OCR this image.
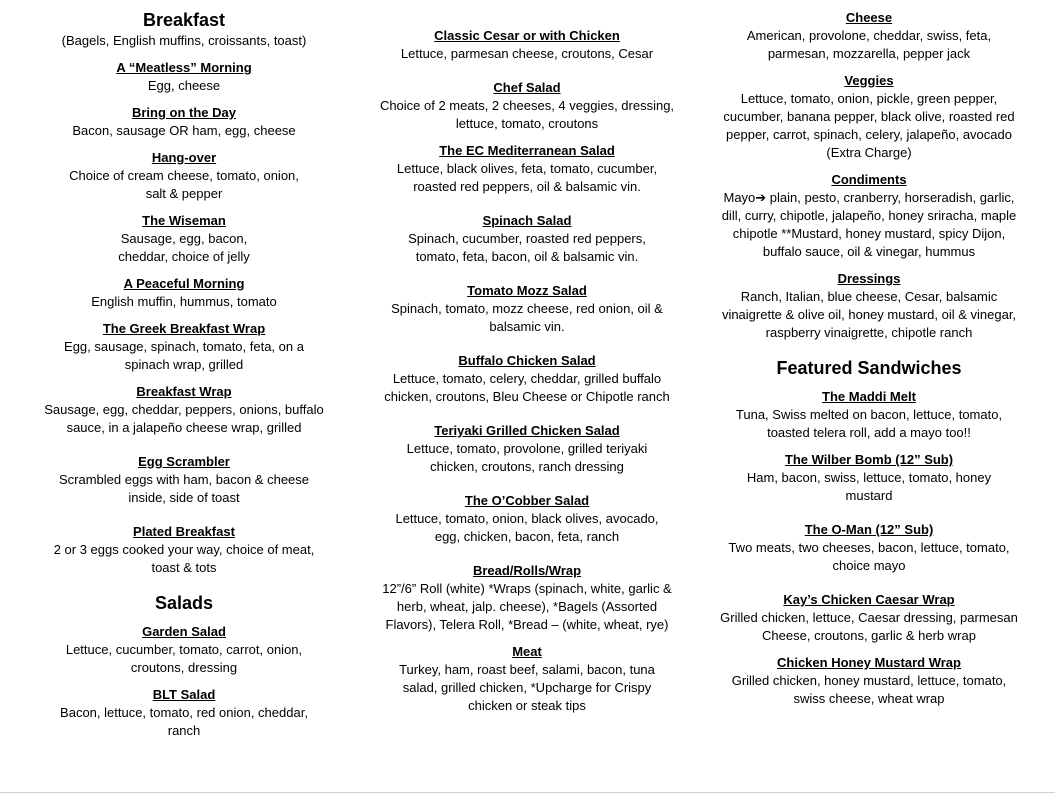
Breakfast
(Bagels, English muffins, croissants, toast)
A “Meatless” Morning
Egg, cheese
Bring on the Day
Bacon, sausage OR ham, egg, cheese
Hang-over
Choice of cream cheese, tomato, onion, salt & pepper
The Wiseman
Sausage, egg, bacon, cheddar, choice of jelly
A Peaceful Morning
English muffin, hummus, tomato
The Greek Breakfast Wrap
Egg, sausage, spinach, tomato, feta, on a spinach wrap, grilled
Breakfast Wrap
Sausage, egg, cheddar, peppers, onions, buffalo sauce, in a jalapeño cheese wrap, grilled
Egg Scrambler
Scrambled eggs with ham, bacon & cheese inside, side of toast
Plated Breakfast
2 or 3 eggs cooked your way, choice of meat, toast & tots
Salads
Garden Salad
Lettuce, cucumber, tomato, carrot, onion, croutons, dressing
BLT Salad
Bacon, lettuce, tomato, red onion, cheddar, ranch
Classic Cesar or with Chicken
Lettuce, parmesan cheese, croutons, Cesar
Chef Salad
Choice of 2 meats, 2 cheeses, 4 veggies, dressing, lettuce, tomato, croutons
The EC Mediterranean Salad
Lettuce, black olives, feta, tomato, cucumber, roasted red peppers, oil & balsamic vin.
Spinach Salad
Spinach, cucumber, roasted red peppers, tomato, feta, bacon, oil & balsamic vin.
Tomato Mozz Salad
Spinach, tomato, mozz cheese, red onion, oil & balsamic vin.
Buffalo Chicken Salad
Lettuce, tomato, celery, cheddar, grilled buffalo chicken, croutons, Bleu Cheese or Chipotle ranch
Teriyaki Grilled Chicken Salad
Lettuce, tomato, provolone, grilled teriyaki chicken, croutons, ranch dressing
The O’Cobber Salad
Lettuce, tomato, onion, black olives, avocado, egg, chicken, bacon, feta, ranch
Bread/Rolls/Wrap
12”/6” Roll (white) *Wraps (spinach, white, garlic & herb, wheat, jalp. cheese), *Bagels (Assorted Flavors), Telera Roll, *Bread – (white, wheat, rye)
Meat
Turkey, ham, roast beef, salami, bacon, tuna salad, grilled chicken, *Upcharge for Crispy chicken or steak tips
Cheese
American, provolone, cheddar, swiss, feta, parmesan, mozzarella, pepper jack
Veggies
Lettuce, tomato, onion, pickle, green pepper, cucumber, banana pepper, black olive, roasted red pepper, carrot, spinach, celery, jalapeño, avocado (Extra Charge)
Condiments
Mayo➔ plain, pesto, cranberry, horseradish, garlic, dill, curry, chipotle, jalapeño, honey sriracha, maple chipotle **Mustard, honey mustard, spicy Dijon, buffalo sauce, oil & vinegar, hummus
Dressings
Ranch, Italian, blue cheese, Cesar, balsamic vinaigrette & olive oil, honey mustard, oil & vinegar, raspberry vinaigrette, chipotle ranch
Featured Sandwiches
The Maddi Melt
Tuna, Swiss melted on bacon, lettuce, tomato, toasted telera roll, add a mayo too!!
The Wilber Bomb (12” Sub)
Ham, bacon, swiss, lettuce, tomato, honey mustard
The O-Man (12” Sub)
Two meats, two cheeses, bacon, lettuce, tomato, choice mayo
Kay’s Chicken Caesar Wrap
Grilled chicken, lettuce, Caesar dressing, parmesan Cheese, croutons, garlic & herb wrap
Chicken Honey Mustard Wrap
Grilled chicken, honey mustard, lettuce, tomato, swiss cheese, wheat wrap
